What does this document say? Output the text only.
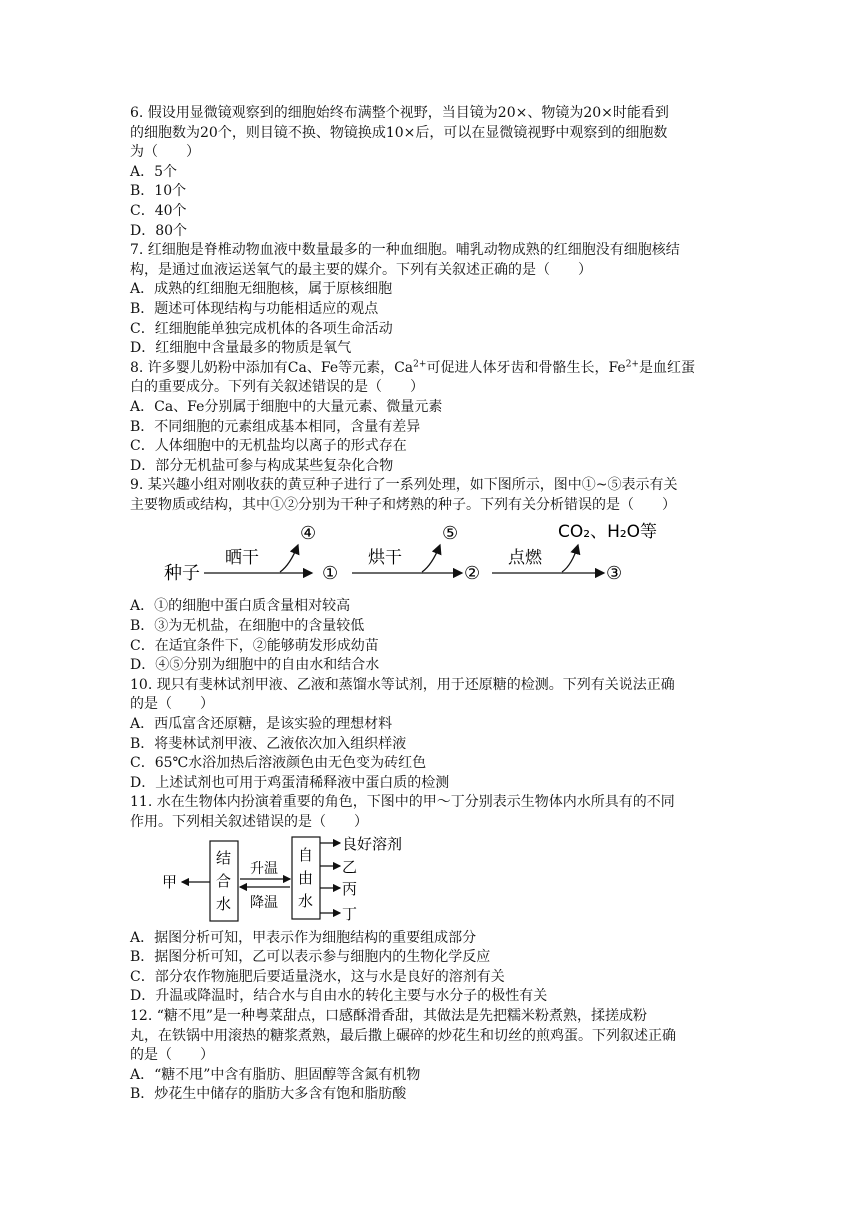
6. 假设用显微镜观察到的细胞始终布满整个视野，当目镜为20×、物镜为20×时能看到
的细胞数为20个，则目镜不换、物镜换成10×后，可以在显微镜视野中观察到的细胞数
为（　　）
A．5个
B．10个
C．40个
D．80个
7. 红细胞是脊椎动物血液中数量最多的一种血细胞。哺乳动物成熟的红细胞没有细胞核结
构，是通过血液运送氧气的最主要的媒介。下列有关叙述正确的是（　　）
A．成熟的红细胞无细胞核，属于原核细胞
B．题述可体现结构与功能相适应的观点
C．红细胞能单独完成机体的各项生命活动
D．红细胞中含量最多的物质是氧气
8. 许多婴儿奶粉中添加有Ca、Fe等元素，$Ca^{2+}$可促进人体牙齿和骨骼生长，$Fe^{2+}$是血红蛋
白的重要成分。下列有关叙述错误的是（　　）
A．Ca、Fe分别属于细胞中的大量元素、微量元素
B．不同细胞的元素组成基本相同，含量有差异
C．人体细胞中的无机盐均以离子的形式存在
D．部分无机盐可参与构成某些复杂化合物
9. 某兴趣小组对刚收获的黄豆种子进行了一系列处理，如下图所示，图中①~⑤表示有关
主要物质或结构，其中①②分别为干种子和烤熟的种子。下列有关分析错误的是（　　）
种子
晒干
④
①
烘干
⑤
②
点燃
CO₂、H₂O等
③
A．①的细胞中蛋白质含量相对较高
B．③为无机盐，在细胞中的含量较低
C．在适宜条件下，②能够萌发形成幼苗
D．④⑤分别为细胞中的自由水和结合水
10. 现只有斐林试剂甲液、乙液和蒸馏水等试剂，用于还原糖的检测。下列有关说法正确
的是（　　）
A．西瓜富含还原糖，是该实验的理想材料
B．将斐林试剂甲液、乙液依次加入组织样液
C．65℃水浴加热后溶液颜色由无色变为砖红色
D．上述试剂也可用于鸡蛋清稀释液中蛋白质的检测
11. 水在生物体内扮演着重要的角色，下图中的甲～丁分别表示生物体内水所具有的不同
作用。下列相关叙述错误的是（　　）
甲
结
合
水
升温
降温
自
由
水
良好溶剂
乙
丙
丁
A．据图分析可知，甲表示作为细胞结构的重要组成部分
B．据图分析可知，乙可以表示参与细胞内的生物化学反应
C．部分农作物施肥后要适量浇水，这与水是良好的溶剂有关
D．升温或降温时，结合水与自由水的转化主要与水分子的极性有关
12. “糖不甩”是一种粤菜甜点，口感酥滑香甜，其做法是先把糯米粉煮熟，揉搓成粉
丸，在铁锅中用滚热的糖浆煮熟，最后撒上碾碎的炒花生和切丝的煎鸡蛋。下列叙述正确
的是（　　）
A．“糖不甩”中含有脂肪、胆固醇等含氮有机物
B．炒花生中储存的脂肪大多含有饱和脂肪酸
